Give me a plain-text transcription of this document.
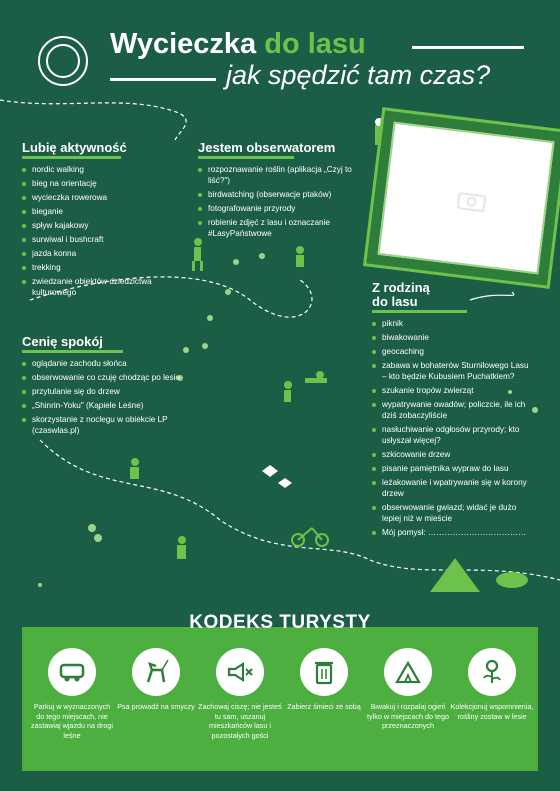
Wycieczka do lasu
jak spędzić tam czas?
Lubię aktywność
nordic walking
bieg na orientację
wycieczka rowerowa
bieganie
spływ kajakowy
surwiwal i bushcraft
jazda konna
trekking
zwiedzanie obiektów dziedzictwa kulturowego
Jestem obserwatorem
rozpoznawanie roślin (aplikacja „Czyj to liść?")
birdwatching (obserwacje ptaków)
fotografowanie przyrody
robienie zdjęć z lasu i oznaczanie #LasyPaństwowe
Cenię spokój
oglądanie zachodu słońca
obserwowanie co czuję chodząc po lesie
przytulanie się do drzew
„Shinrin-Yoku" (Kąpiele Leśne)
skorzystanie z noclegu w obiekcie LP (czaswlas.pl)
Z rodziną
do lasu
piknik
biwakowanie
geocaching
zabawa w bohaterów Sturnilowego Lasu – kto będzie Kubusiem Puchatkiem?
szukanie tropów zwierząt
wypatrywanie owadów; policzcie, ile ich dziś zobaczyliście
nasłuchiwanie odgłosów przyrody; kto usłyszał więcej?
szkicowanie drzew
pisanie pamiętnika wypraw do lasu
leżakowanie i wpatrywanie się w korony drzew
obserwowanie gwiazd; widać je dużo lepiej niż w mieście
Mój pomysł: ………………………………
KODEKS TURYSTY
Parkuj w wyznaczonych do tego miejscach, nie zastawiaj wjazdu na drogi leśne
Psa prowadź na smyczy Zachowaj ciszę; nie jesteś tu sam, uszanuj mieszkańców lasu i pozostałych gości
Zabierz śmieci ze sobą	Biwakuj i rozpalaj ogień tylko w miejscach do tego przeznaczonych
Kolekcjonuj wspomnienia, rośliny zostaw w lesie
